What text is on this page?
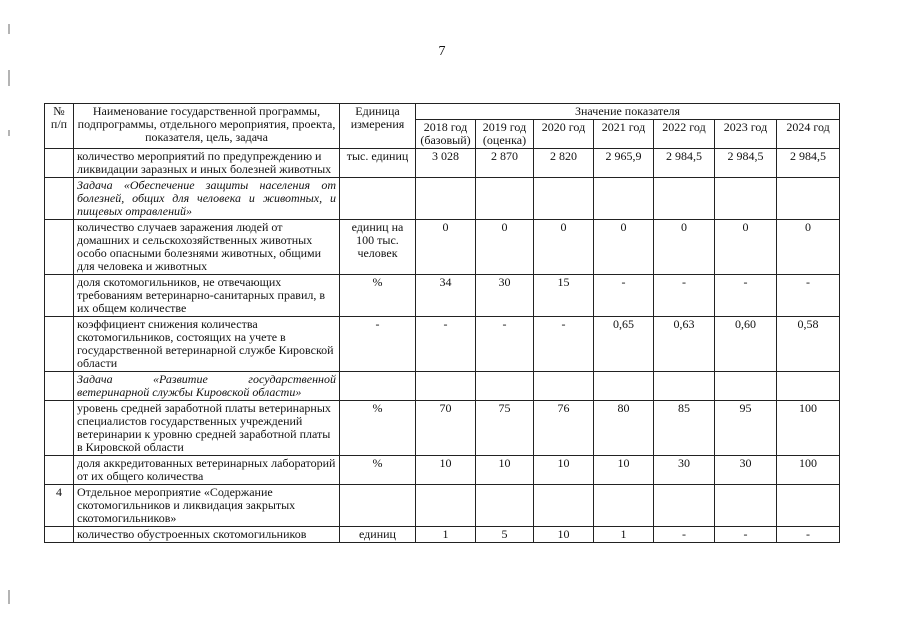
7
№ п/п	Наименование государственной программы, подпрограммы, отдельного мероприятия, проекта, показателя, цель, задача	Единица измерения	Значение показателя						
			2018 год (базовый)	2019 год (оценка)	2020 год	2021 год	2022 год	2023 год	2024 год
	количество мероприятий по предупреждению и ликвидации заразных и иных болезней животных	тыс. единиц	3 028	2 870	2 820	2 965,9	2 984,5	2 984,5	2 984,5
	Задача «Обеспечение защиты населения от болезней, общих для человека и животных, и пищевых отравлений»								
	количество случаев заражения людей от домашних и сельскохозяйственных животных особо опасными болезнями животных, общими для человека и животных	единиц на 100 тыс. человек	0	0	0	0	0	0	0
	доля скотомогильников, не отвечающих требованиям ветеринарно-санитарных правил, в их общем количестве	%	34	30	15	-	-	-	-
	коэффициент снижения количества скотомогильников, состоящих на учете в государственной ветеринарной службе Кировской области	-	-	-	-	0,65	0,63	0,60	0,58
	Задача «Развитие государственной ветеринарной службы Кировской области»								
	уровень средней заработной платы ветеринарных специалистов государственных учреждений ветеринарии к уровню средней заработной платы в Кировской области	%	70	75	76	80	85	95	100
	доля аккредитованных ветеринарных лабораторий от их общего количества	%	10	10	10	10	30	30	100
4	Отдельное мероприятие «Содержание скотомогильников и ликвидация закрытых скотомогильников»								
	количество обустроенных скотомогильников	единиц	1	5	10	1	-	-	-
